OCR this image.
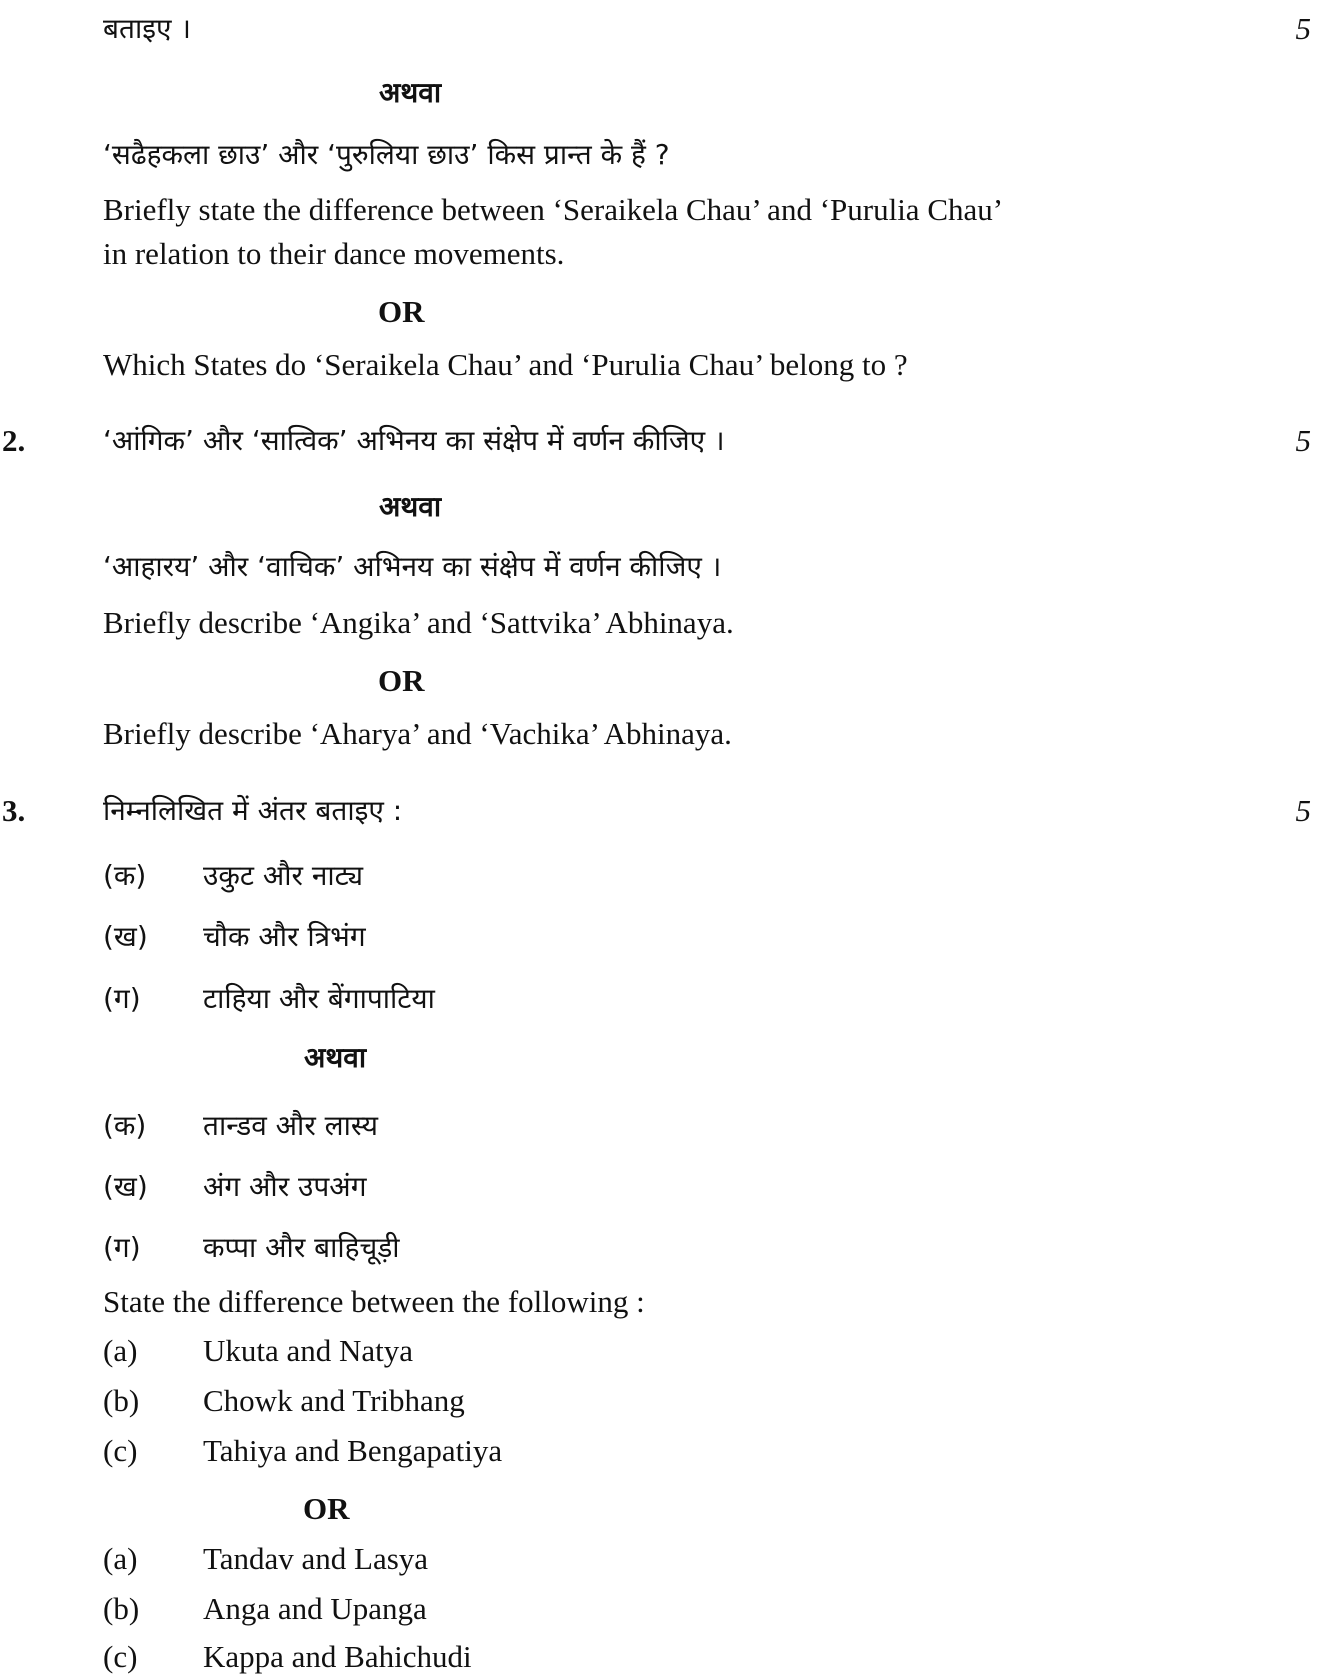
बताइए ।	5
अथवा
‘सढैहकला छाउ’ और ‘पुरुलिया छाउ’ किस प्रान्त के हैं ?
Briefly state the difference between ‘Seraikela Chau’ and ‘Purulia Chau’
in relation to their dance movements.
OR
Which States do ‘Seraikela Chau’ and ‘Purulia Chau’ belong to ?
2.	‘आंगिक’ और ‘सात्विक’ अभिनय का संक्षेप में वर्णन कीजिए ।	5
अथवा
‘आहारय’ और ‘वाचिक’ अभिनय का संक्षेप में वर्णन कीजिए ।
Briefly describe ‘Angika’ and ‘Sattvika’ Abhinaya.
OR
Briefly describe ‘Aharya’ and ‘Vachika’ Abhinaya.
3.	निम्नलिखित में अंतर बताइए :	5
(क) उकुट और नाट्य
(ख) चौक और त्रिभंग
(ग) टाहिया और बेंगापाटिया
अथवा
(क) तान्डव और लास्य
(ख) अंग और उपअंग
(ग) कप्पा और बाहिचूड़ी
State the difference between the following :
(a) Ukuta and Natya
(b) Chowk and Tribhang
(c) Tahiya and Bengapatiya
OR
(a) Tandav and Lasya
(b) Anga and Upanga
(c) Kappa and Bahichudi
